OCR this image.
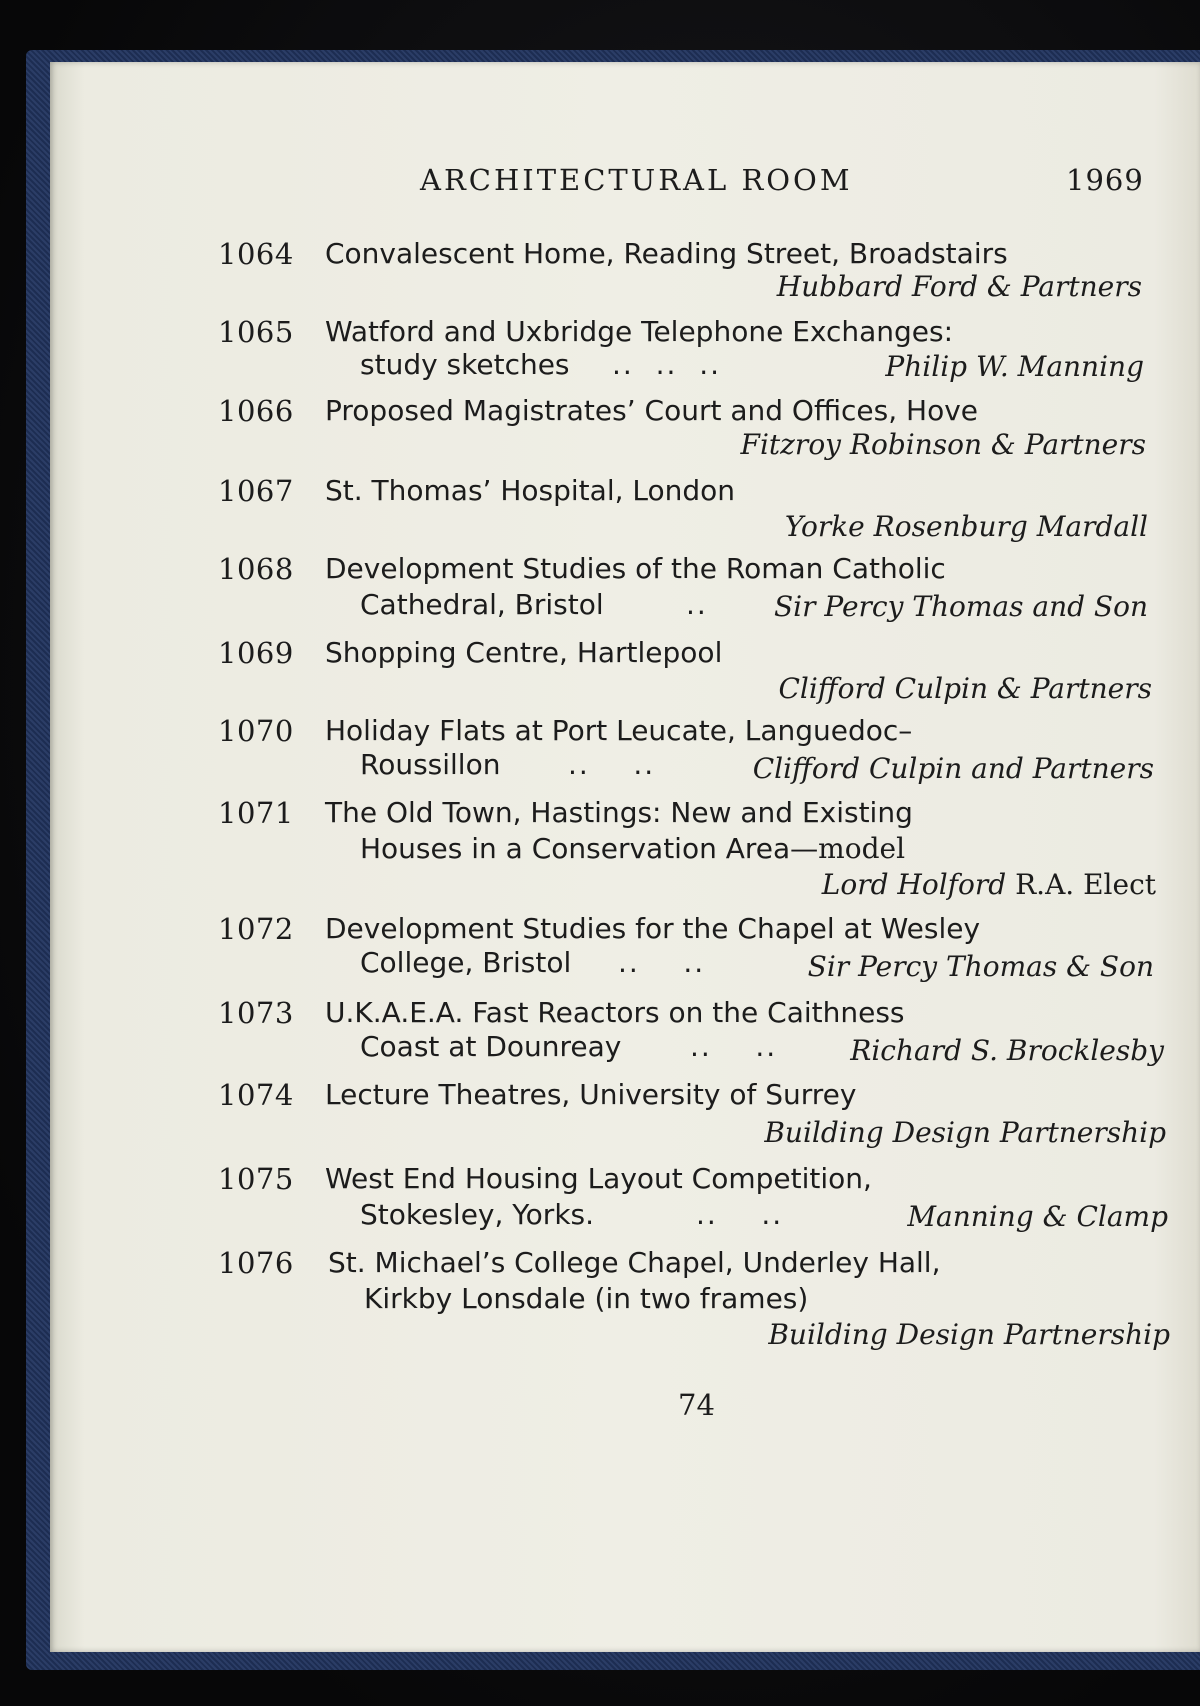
ARCHITECTURAL ROOM	1969
1064 Convalescent Home, Reading Street, Broadstairs
Hubbard Ford & Partners
1065 Watford and Uxbridge Telephone Exchanges:
study sketches ..  ..  ..	Philip W. Manning
1066 Proposed Magistrates’ Court and Offices, Hove
Fitzroy Robinson & Partners
1067 St. Thomas’ Hospital, London
Yorke Rosenburg Mardall
1068 Development Studies of the Roman Catholic
Cathedral, Bristol	.. Sir Percy Thomas and Son
1069 Shopping Centre, Hartlepool
Clifford Culpin & Partners
1070 Holiday Flats at Port Leucate, Languedoc–
Roussillon ..    ..	Clifford Culpin and Partners
1071 The Old Town, Hastings: New and Existing
Houses in a Conservation Area—model
Lord Holford R.A. Elect
1072 Development Studies for the Chapel at Wesley
College, Bristol ..    ..	Sir Percy Thomas & Son
1073 U.K.A.E.A. Fast Reactors on the Caithness
Coast at Dounreay ..    ..	Richard S. Brocklesby
1074 Lecture Theatres, University of Surrey
Building Design Partnership
1075 West End Housing Layout Competition,
Stokesley, Yorks.	..    ..	Manning & Clamp
1076 St. Michael’s College Chapel, Underley Hall,
Kirkby Lonsdale (in two frames)
Building Design Partnership
74
